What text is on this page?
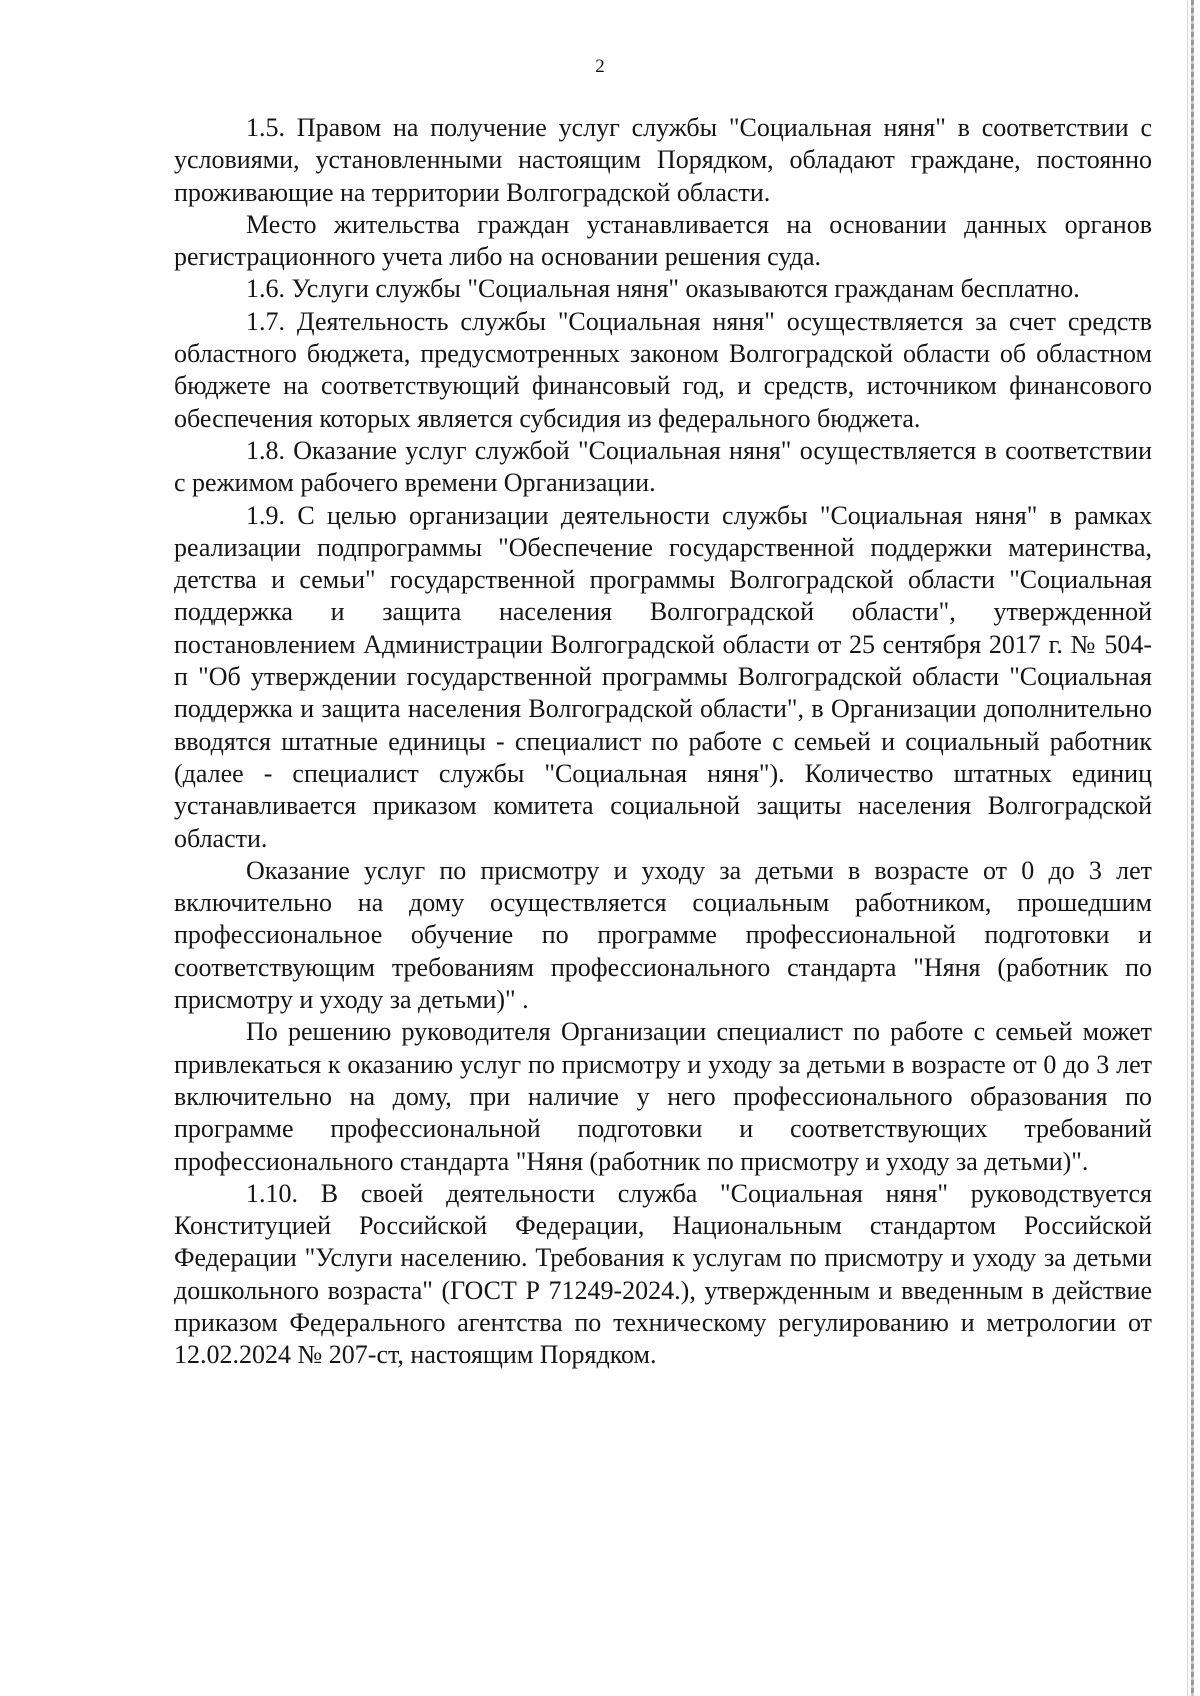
2

1.5. Правом на получение услуг службы "Социальная няня" в соответствии с условиями, установленными настоящим Порядком, обладают граждане, постоянно проживающие на территории Волгоградской области.

Место жительства граждан устанавливается на основании данных органов регистрационного учета либо на основании решения суда.

1.6. Услуги службы "Социальная няня" оказываются гражданам бесплатно.

1.7. Деятельность службы "Социальная няня" осуществляется за счет средств областного бюджета, предусмотренных законом Волгоградской области об областном бюджете на соответствующий финансовый год, и средств, источником финансового обеспечения которых является субсидия из федерального бюджета.

1.8. Оказание услуг службой "Социальная няня" осуществляется в соответствии с режимом рабочего времени Организации.

1.9. С целью организации деятельности службы "Социальная няня" в рамках реализации подпрограммы "Обеспечение государственной поддержки материнства, детства и семьи" государственной программы Волгоградской области "Социальная поддержка и защита населения Волгоградской области", утвержденной постановлением Администрации Волгоградской области от 25 сентября 2017 г. № 504-п "Об утверждении государственной программы Волгоградской области "Социальная поддержка и защита населения Волгоградской области", в Организации дополнительно вводятся штатные единицы - специалист по работе с семьей и социальный работник (далее - специалист службы "Социальная няня"). Количество штатных единиц устанавливается приказом комитета социальной защиты населения Волгоградской области.

Оказание услуг по присмотру и уходу за детьми в возрасте от 0 до 3 лет включительно на дому осуществляется социальным работником, прошедшим профессиональное обучение по программе профессиональной подготовки и соответствующим требованиям профессионального стандарта "Няня (работник по присмотру и уходу за детьми)" .

По решению руководителя Организации специалист по работе с семьей может привлекаться к оказанию услуг по присмотру и уходу за детьми в возрасте от 0 до 3 лет включительно на дому, при наличие у него профессионального образования по программе профессиональной подготовки и соответствующих требований профессионального стандарта "Няня (работник по присмотру и уходу за детьми)".

1.10. В своей деятельности служба "Социальная няня" руководствуется Конституцией Российской Федерации, Национальным стандартом Российской Федерации "Услуги населению. Требования к услугам по присмотру и уходу за детьми дошкольного возраста" (ГОСТ Р 71249-2024.), утвержденным и введенным в действие приказом Федерального агентства по техническому регулированию и метрологии от 12.02.2024 № 207-ст, настоящим Порядком.
